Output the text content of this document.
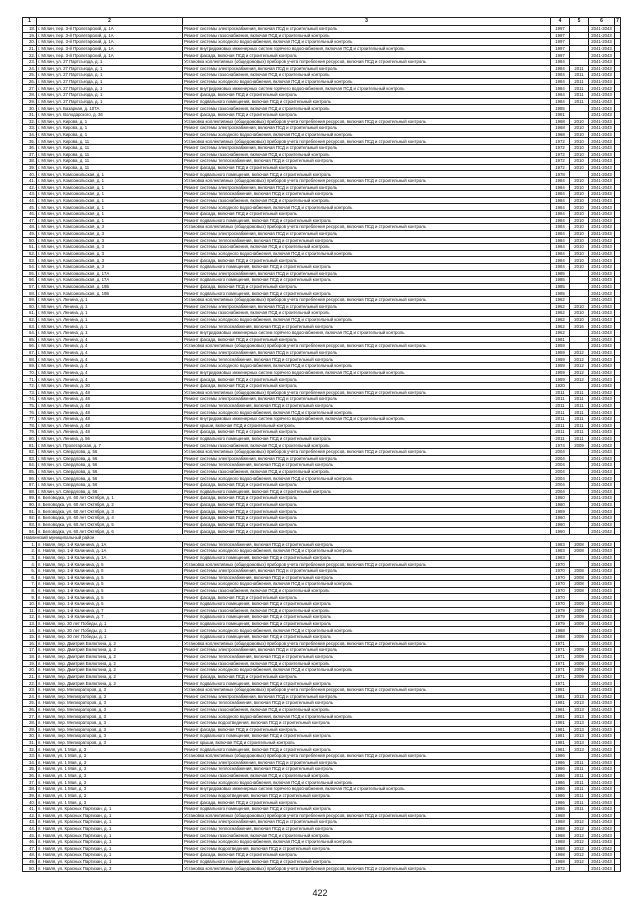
1	2	3	4	5	6	7
18.	г. Мглин, пер. 3-й Пролетарский, д. 1А	Ремонт системы электроснабжения, включая ПСД и строительный контроль	1997		2041-2043	
19.	г. Мглин, пер. 3-й Пролетарский, д. 1А	Ремонт системы газоснабжения, включая ПСД и строительный контроль	1997		2041-2043	
20.	г. Мглин, пер. 3-й Пролетарский, д. 1А	Ремонт системы холодного водоснабжения, включая ПСД и строительный контроль	1997		2041-2043	
21.	г. Мглин, пер. 3-й Пролетарский, д. 1А	Ремонт внутридомовых инженерных систем горячего водоснабжения, включая ПСД и строительный контроль	1997		2041-2043	
22.	г. Мглин, пер. 3-й Пролетарский, д. 1А	Ремонт фасада, включая ПСД и строительный контроль	1997		2041-2043	
23.	г. Мглин, ул. 27 Партсъезда, д. 1	Установка коллективных (общедомовых) приборов учета потребления ресурсов, включая ПСД и строительный контроль	1984		2041-2043	
24.	г. Мглин, ул. 27 Партсъезда, д. 1	Ремонт системы электроснабжения, включая ПСД и строительный контроль	1984	2011	2041-2043	
25.	г. Мглин, ул. 27 Партсъезда, д. 1	Ремонт системы газоснабжения, включая ПСД и строительный контроль	1984	2011	2041-2043	
26.	г. Мглин, ул. 27 Партсъезда, д. 1	Ремонт системы холодного водоснабжения, включая ПСД и строительный контроль	1984	2011	2041-2043	
27.	г. Мглин, ул. 27 Партсъезда, д. 1	Ремонт внутридомовых инженерных систем горячего водоснабжения, включая ПСД и строительный контроль	1984	2011	2041-2043	
28.	г. Мглин, ул. 27 Партсъезда, д. 1	Ремонт фасада, включая ПСД и строительный контроль	1984	2011	2041-2043	
29.	г. Мглин, ул. 27 Партсъезда, д. 1	Ремонт подвального помещения, включая ПСД и строительный контроль	1984	2011	2041-2043	
30.	г. Мглин, ул. Базарная, д. 107А	Ремонт системы газоснабжения, включая ПСД и строительный контроль	1985		2041-2043	
31.	г. Мглин, ул. Володарского, д. 36	Ремонт фасада, включая ПСД и строительный контроль	1981		2041-2043	
32.	г. Мглин, ул. Кирова, д. 1	Установка коллективных (общедомовых) приборов учета потребления ресурсов, включая ПСД и строительный контроль	1968	2010	2041-2043	
33.	г. Мглин, ул. Кирова, д. 1	Ремонт системы электроснабжения, включая ПСД и строительный контроль	1968	2010	2041-2043	
34.	г. Мглин, ул. Кирова, д. 1	Ремонт системы холодного водоснабжения, включая ПСД и строительный контроль	1968	2010	2041-2043	
35.	г. Мглин, ул. Кирова, д. 11	Установка коллективных (общедомовых) приборов учета потребления ресурсов, включая ПСД и строительный контроль	1972	2010	2041-2043	
36.	г. Мглин, ул. Кирова, д. 11	Ремонт системы электроснабжения, включая ПСД и строительный контроль	1972	2010	2041-2043	
37.	г. Мглин, ул. Кирова, д. 11	Ремонт системы газоснабжения, включая ПСД и строительный контроль	1972	2010	2041-2043	
38.	г. Мглин, ул. Кирова, д. 11	Ремонт системы теплоснабжения, включая ПСД и строительный контроль	1972	2010	2041-2043	
39.	г. Мглин, ул. Кирова, д. 11	Ремонт фасада, включая ПСД и строительный контроль	1972	2010	2041-2043	
40.	г. Мглин, ул. Комсомольская, д. 1	Ремонт подвального помещения, включая ПСД и строительный контроль	1978		2041-2043	
41.	г. Мглин, ул. Комсомольская, д. 1	Установка коллективных (общедомовых) приборов учета потребления ресурсов, включая ПСД и строительный контроль	1984	2010	2041-2043	
42.	г. Мглин, ул. Комсомольская, д. 1	Ремонт системы электроснабжения, включая ПСД и строительный контроль	1984	2010	2041-2043	
43.	г. Мглин, ул. Комсомольская, д. 1	Ремонт системы теплоснабжения, включая ПСД и строительный контроль	1984	2010	2041-2043	
44.	г. Мглин, ул. Комсомольская, д. 1	Ремонт системы газоснабжения, включая ПСД и строительный контроль	1984	2010	2041-2043	
45.	г. Мглин, ул. Комсомольская, д. 1	Ремонт системы холодного водоснабжения, включая ПСД и строительный контроль	1984	2010	2041-2043	
46.	г. Мглин, ул. Комсомольская, д. 1	Ремонт фасада, включая ПСД и строительный контроль	1984	2010	2041-2043	
47.	г. Мглин, ул. Комсомольская, д. 1	Ремонт подвального помещения, включая ПСД и строительный контроль	1984	2010	2041-2043	
48.	г. Мглин, ул. Комсомольская, д. 3	Установка коллективных (общедомовых) приборов учета потребления ресурсов, включая ПСД и строительный контроль	1984	2010	2041-2043	
49.	г. Мглин, ул. Комсомольская, д. 3	Ремонт системы электроснабжения, включая ПСД и строительный контроль	1984	2010	2041-2043	
50.	г. Мглин, ул. Комсомольская, д. 3	Ремонт системы теплоснабжения, включая ПСД и строительный контроль	1984	2010	2041-2043	
51.	г. Мглин, ул. Комсомольская, д. 3	Ремонт системы газоснабжения, включая ПСД и строительный контроль	1984	2010	2041-2043	
52.	г. Мглин, ул. Комсомольская, д. 3	Ремонт системы холодного водоснабжения, включая ПСД и строительный контроль	1984	2010	2041-2043	
53.	г. Мглин, ул. Комсомольская, д. 3	Ремонт фасада, включая ПСД и строительный контроль	1984	2010	2041-2043	
54.	г. Мглин, ул. Комсомольская, д. 3	Ремонт подвального помещения, включая ПСД и строительный контроль	1984	2010	2041-2043	
55.	г. Мглин, ул. Комсомольская, д. 17А	Ремонт системы электроснабжения, включая ПСД и строительный контроль	1985		2041-2043	
56.	г. Мглин, ул. Комсомольская, д. 17А	Ремонт подвального помещения, включая ПСД и строительный контроль	1985		2041-2043	
57.	г. Мглин, ул. Комсомольская, д. 19Б	Ремонт фасада, включая ПСД и строительный контроль	1985		2041-2043	
58.	г. Мглин, ул. Комсомольская, д. 19Б	Ремонт подвального помещения, включая ПСД и строительный контроль	1985		2041-2043	
59.	г. Мглин, ул. Ленина, д. 1	Установка коллективных (общедомовых) приборов учета потребления ресурсов, включая ПСД и строительный контроль	1962		2041-2043	
60.	г. Мглин, ул. Ленина, д. 1	Ремонт системы электроснабжения, включая ПСД и строительный контроль	1962	2010	2041-2043	
61.	г. Мглин, ул. Ленина, д. 1	Ремонт системы газоснабжения, включая ПСД и строительный контроль	1962	2010	2041-2043	
62.	г. Мглин, ул. Ленина, д. 1	Ремонт системы холодного водоснабжения, включая ПСД и строительный контроль	1962	2010	2041-2043	
63.	г. Мглин, ул. Ленина, д. 1	Ремонт системы теплоснабжения, включая ПСД и строительный контроль	1962	2016	2041-2043	
64.	г. Мглин, ул. Ленина, д. 1	Ремонт внутридомовых инженерных систем горячего водоснабжения, включая ПСД и строительный контроль	1962		2041-2043	
65.	г. Мглин, ул. Ленина, д. 4	Ремонт фасада, включая ПСД и строительный контроль	1981		2041-2043	
66.	г. Мглин, ул. Ленина, д. 4	Установка коллективных (общедомовых) приборов учета потребления ресурсов, включая ПСД и строительный контроль	1959		2041-2043	
67.	г. Мглин, ул. Ленина, д. 4	Ремонт системы электроснабжения, включая ПСД и строительный контроль	1959	2012	2041-2043	
68.	г. Мглин, ул. Ленина, д. 4	Ремонт системы теплоснабжения, включая ПСД и строительный контроль	1959	2012	2041-2043	
69.	г. Мглин, ул. Ленина, д. 4	Ремонт системы холодного водоснабжения, включая ПСД и строительный контроль	1959	2012	2041-2043	
70.	г. Мглин, ул. Ленина, д. 4	Ремонт внутридомовых инженерных систем горячего водоснабжения, включая ПСД и строительный контроль	1959	2012	2041-2043	
71.	г. Мглин, ул. Ленина, д. 4	Ремонт фасада, включая ПСД и строительный контроль	1959	2012	2041-2043	
72.	г. Мглин, ул. Ленина, д. 30	Ремонт фасада, включая ПСД и строительный контроль	1920		2041-2043	
73.	г. Мглин, ул. Ленина, д. 48	Установка коллективных (общедомовых) приборов учета потребления ресурсов, включая ПСД и строительный контроль	2011	2011	2041-2043	
74.	г. Мглин, ул. Ленина, д. 48	Ремонт системы электроснабжения, включая ПСД и строительный контроль	2011	2011	2041-2043	
75.	г. Мглин, ул. Ленина, д. 48	Ремонт системы теплоснабжения, включая ПСД и строительный контроль	2011	2011	2041-2043	
76.	г. Мглин, ул. Ленина, д. 48	Ремонт системы холодного водоснабжения, включая ПСД и строительный контроль	2011	2011	2041-2043	
77.	г. Мглин, ул. Ленина, д. 48	Ремонт внутридомовых инженерных систем горячего водоснабжения, включая ПСД и строительный контроль	2011	2011	2041-2043	
78.	г. Мглин, ул. Ленина, д. 48	Ремонт крыши, включая ПСД и строительный контроль	2011	2011	2041-2043	
79.	г. Мглин, ул. Ленина, д. 48	Ремонт фасада, включая ПСД и строительный контроль	2011	2011	2041-2043	
80.	г. Мглин, ул. Ленина, д. 56	Ремонт подвального помещения, включая ПСД и строительный контроль	2011	2011	2041-2043	
81.	г. Мглин, ул. Пролетарская, д. 7	Ремонт системы газоснабжения, включая ПСД и строительный контроль	1974	2009	2041-2043	
82.	г. Мглин, ул. Свердлова, д. 56	Установка коллективных (общедомовых) приборов учета потребления ресурсов, включая ПСД и строительный контроль	2004		2041-2043	
83.	г. Мглин, ул. Свердлова, д. 56	Ремонт системы электроснабжения, включая ПСД и строительный контроль	2004		2041-2043	
84.	г. Мглин, ул. Свердлова, д. 56	Ремонт системы теплоснабжения, включая ПСД и строительный контроль	2004		2041-2043	
85.	г. Мглин, ул. Свердлова, д. 56	Ремонт системы газоснабжения, включая ПСД и строительный контроль	2004		2041-2043	
86.	г. Мглин, ул. Свердлова, д. 56	Ремонт системы холодного водоснабжения, включая ПСД и строительный контроль	2004		2041-2043	
87.	г. Мглин, ул. Свердлова, д. 56	Ремонт фасада, включая ПСД и строительный контроль	2004		2041-2043	
88.	г. Мглин, ул. Свердлова, д. 56	Ремонт подвального помещения, включая ПСД и строительный контроль	2004		2041-2043	
89.	п. Беловодка, ул. 60 лет Октября, д. 1	Ремонт фасада, включая ПСД и строительный контроль	1960		2041-2043	
90.	п. Беловодка, ул. 60 лет Октября, д. 2	Ремонт фасада, включая ПСД и строительный контроль	1960		2041-2043	
91.	п. Беловодка, ул. 60 лет Октября, д. 3	Ремонт фасада, включая ПСД и строительный контроль	1959		2041-2043	
92.	п. Беловодка, ул. 60 лет Октября, д. 4	Ремонт фасада, включая ПСД и строительный контроль	1960		2041-2043	
93.	п. Беловодка, ул. 60 лет Октября, д. 5	Ремонт фасада, включая ПСД и строительный контроль	1960		2041-2043	
94.	п. Беловодка, ул. 60 лет Октября, д. 6	Ремонт фасада, включая ПСД и строительный контроль	1960		2041-2043	
Навлинский муниципальный район						
1.	п. Навля, пер. 1-й Калинина, д. 1А	Ремонт системы теплоснабжения, включая ПСД и строительный контроль	1983	2008	2041-2043	
2.	п. Навля, пер. 1-й Калинина, д. 1А	Ремонт системы холодного водоснабжения, включая ПСД и строительный контроль	1983	2008	2041-2043	
3.	п. Навля, пер. 1-й Калинина, д. 1А	Ремонт подвального помещения, включая ПСД и строительный контроль	1983		2041-2043	
4.	п. Навля, пер. 1-й Калинина, д. 5	Установка коллективных (общедомовых) приборов учета потребления ресурсов, включая ПСД и строительный контроль	1970		2041-2043	
5.	п. Навля, пер. 1-й Калинина, д. 5	Ремонт системы электроснабжения, включая ПСД и строительный контроль	1970	2008	2041-2043	
6.	п. Навля, пер. 1-й Калинина, д. 5	Ремонт системы теплоснабжения, включая ПСД и строительный контроль	1970	2008	2041-2043	
7.	п. Навля, пер. 1-й Калинина, д. 5	Ремонт системы холодного водоснабжения, включая ПСД и строительный контроль	1970	2008	2041-2043	
8.	п. Навля, пер. 1-й Калинина, д. 5	Ремонт системы газоснабжения, включая ПСД и строительный контроль	1970	2008	2041-2043	
9.	п. Навля, пер. 1-й Калинина, д. 5	Ремонт фасада, включая ПСД и строительный контроль	1970		2041-2043	
10.	п. Навля, пер. 1-й Калинина, д. 5	Ремонт подвального помещения, включая ПСД и строительный контроль	1970	2009	2041-2043	
11.	п. Навля, пер. 1-й Калинина, д. 7	Ремонт системы газоснабжения, включая ПСД и строительный контроль	1979	2009	2041-2043	
12.	п. Навля, пер. 1-й Калинина, д. 7	Ремонт подвального помещения, включая ПСД и строительный контроль	1979	2009	2041-2043	
13.	п. Навля, пер. 30 лет Победы, д. 1	Ремонт подвального помещения, включая ПСД и строительный контроль	1979	2009	2041-2043	
14.	п. Навля, пер. 30 лет Победы, д. 1	Ремонт системы холодного водоснабжения, включая ПСД и строительный контроль	1968		2041-2043	
15.	п. Навля, пер. 30 лет Победы, д. 1	Ремонт подвального помещения, включая ПСД и строительный контроль	1968	2009	2041-2043	
16.	п. Навля, пер. Дмитрия Емлютина, д. 2	Установка коллективных (общедомовых) приборов учета потребления ресурсов, включая ПСД и строительный контроль	1971		2041-2043	
17.	п. Навля, пер. Дмитрия Емлютина, д. 2	Ремонт системы электроснабжения, включая ПСД и строительный контроль	1971	2009	2041-2043	
18.	п. Навля, пер. Дмитрия Емлютина, д. 2	Ремонт системы теплоснабжения, включая ПСД и строительный контроль	1971	2009	2041-2043	
19.	п. Навля, пер. Дмитрия Емлютина, д. 2	Ремонт системы газоснабжения, включая ПСД и строительный контроль	1971	2009	2041-2043	
20.	п. Навля, пер. Дмитрия Емлютина, д. 2	Ремонт системы холодного водоснабжения, включая ПСД и строительный контроль	1971	2009	2041-2043	
21.	п. Навля, пер. Дмитрия Емлютина, д. 2	Ремонт фасада, включая ПСД и строительный контроль	1971	2009	2041-2043	
22.	п. Навля, пер. Дмитрия Емлютина, д. 2	Ремонт подвального помещения, включая ПСД и строительный контроль	1971		2041-2043	
23.	п. Навля, пер. Мелиораторов, д. 3	Установка коллективных (общедомовых) приборов учета потребления ресурсов, включая ПСД и строительный контроль	1981		2041-2043	
24.	п. Навля, пер. Мелиораторов, д. 3	Ремонт системы электроснабжения, включая ПСД и строительный контроль	1981	2013	2041-2043	
25.	п. Навля, пер. Мелиораторов, д. 3	Ремонт системы теплоснабжения, включая ПСД и строительный контроль	1981	2013	2041-2043	
26.	п. Навля, пер. Мелиораторов, д. 3	Ремонт системы газоснабжения, включая ПСД и строительный контроль	1981	2013	2041-2043	
27.	п. Навля, пер. Мелиораторов, д. 3	Ремонт системы холодного водоснабжения, включая ПСД и строительный контроль	1981	2013	2041-2043	
28.	п. Навля, пер. Мелиораторов, д. 3	Ремонт системы водоотведения, включая ПСД и строительный контроль	1981	2013	2041-2043	
29.	п. Навля, пер. Мелиораторов, д. 3	Ремонт фасада, включая ПСД и строительный контроль	1981	2013	2041-2043	
30.	п. Навля, пер. Мелиораторов, д. 3	Ремонт подвального помещения, включая ПСД и строительный контроль	1981	2013	2041-2043	
31.	п. Навля, пер. Мелиораторов, д. 3	Ремонт крыши, включая ПСД и строительный контроль	1981	2013	2041-2043	
32.	п. Навля, ул. 1 Мая, д. 3	Ремонт подвального помещения, включая ПСД и строительный контроль	1981	2013	2041-2043	
33.	п. Навля, ул. 1 Мая, д. 3	Установка коллективных (общедомовых) приборов учета потребления ресурсов, включая ПСД и строительный контроль	1986		2041-2043	
34.	п. Навля, ул. 1 Мая, д. 3	Ремонт системы электроснабжения, включая ПСД и строительный контроль	1986	2011	2041-2043	
35.	п. Навля, ул. 1 Мая, д. 3	Ремонт системы теплоснабжения, включая ПСД и строительный контроль	1986	2011	2041-2043	
36.	п. Навля, ул. 1 Мая, д. 3	Ремонт системы газоснабжения, включая ПСД и строительный контроль	1986	2011	2041-2043	
37.	п. Навля, ул. 1 Мая, д. 3	Ремонт системы холодного водоснабжения, включая ПСД и строительный контроль	1986	2011	2041-2043	
38.	п. Навля, ул. 1 Мая, д. 3	Ремонт внутридомовых инженерных систем горячего водоснабжения, включая ПСД и строительный контроль	1986	2011	2041-2043	
39.	п. Навля, ул. 1 Мая, д. 3	Ремонт системы водоотведения, включая ПСД и строительный контроль	1986	2011	2041-2043	
40.	п. Навля, ул. 1 Мая, д. 3	Ремонт фасада, включая ПСД и строительный контроль	1986	2011	2041-2043	
41.	п. Навля, ул. Красных Партизан, д. 1	Ремонт подвального помещения, включая ПСД и строительный контроль	1986	2011	2041-2043	
42.	п. Навля, ул. Красных Партизан, д. 1	Установка коллективных (общедомовых) приборов учета потребления ресурсов, включая ПСД и строительный контроль	1968		2041-2043	
43.	п. Навля, ул. Красных Партизан, д. 1	Ремонт системы электроснабжения, включая ПСД и строительный контроль	1968	2012	2041-2043	
44.	п. Навля, ул. Красных Партизан, д. 1	Ремонт системы теплоснабжения, включая ПСД и строительный контроль	1968	2012	2041-2043	
45.	п. Навля, ул. Красных Партизан, д. 1	Ремонт системы газоснабжения, включая ПСД и строительный контроль	1968	2012	2041-2043	
46.	п. Навля, ул. Красных Партизан, д. 1	Ремонт системы холодного водоснабжения, включая ПСД и строительный контроль	1968	2012	2041-2043	
47.	п. Навля, ул. Красных Партизан, д. 1	Ремонт системы водоотведения, включая ПСД и строительный контроль	1968	2012	2041-2043	
48.	п. Навля, ул. Красных Партизан, д. 1	Ремонт фасада, включая ПСД и строительный контроль	1968	2012	2041-2043	
49.	п. Навля, ул. Красных Партизан, д. 1	Ремонт подвального помещения, включая ПСД и строительный контроль	1968	2012	2041-2043	
50.	п. Навля, ул. Красных Партизан, д. 3	Установка коллективных (общедомовых) приборов учета потребления ресурсов, включая ПСД и строительный контроль	1972		2041-2043	
422
